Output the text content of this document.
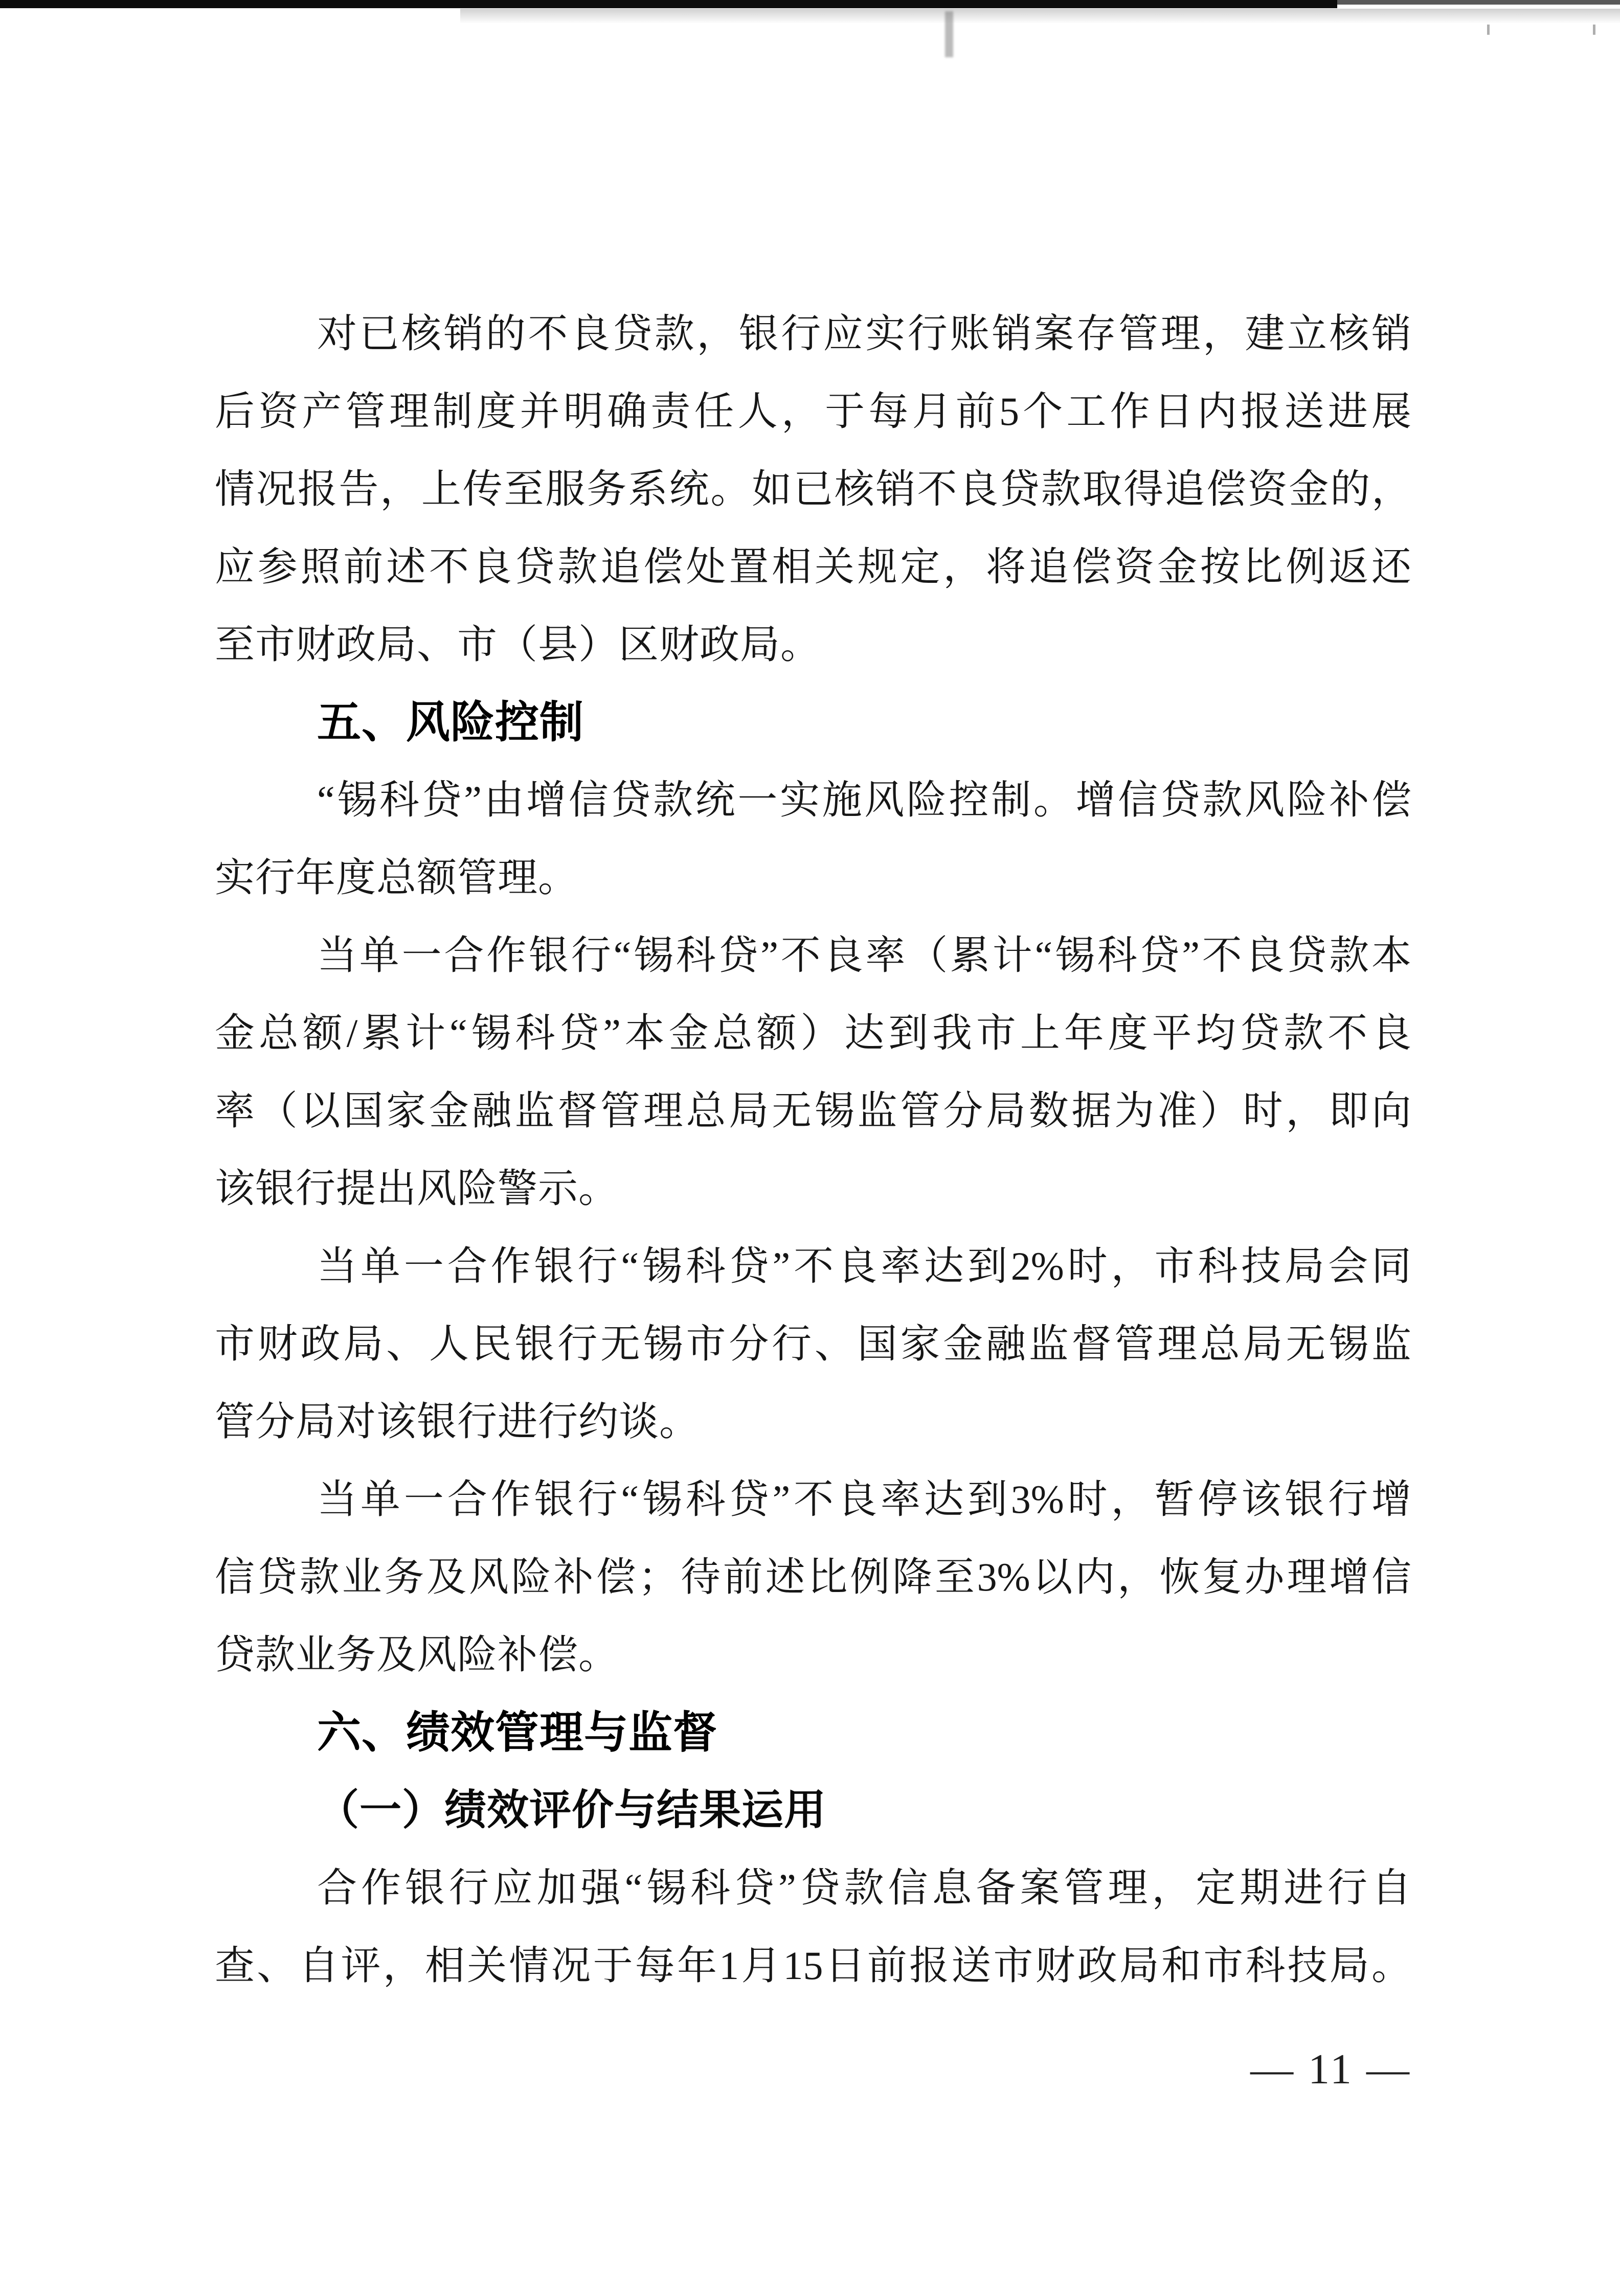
对已核销的不良贷款，银行应实行账销案存管理，建立核销
后资产管理制度并明确责任人，于每月前5个工作日内报送进展
情况报告，上传至服务系统。如已核销不良贷款取得追偿资金的，
应参照前述不良贷款追偿处置相关规定，将追偿资金按比例返还
至市财政局、市（县）区财政局。
五、风险控制
“锡科贷”由增信贷款统一实施风险控制。增信贷款风险补偿
实行年度总额管理。
当单一合作银行“锡科贷”不良率（累计“锡科贷”不良贷款本
金总额/累计“锡科贷”本金总额）达到我市上年度平均贷款不良
率（以国家金融监督管理总局无锡监管分局数据为准）时，即向
该银行提出风险警示。
当单一合作银行“锡科贷”不良率达到2%时，市科技局会同
市财政局、人民银行无锡市分行、国家金融监督管理总局无锡监
管分局对该银行进行约谈。
当单一合作银行“锡科贷”不良率达到3%时，暂停该银行增
信贷款业务及风险补偿；待前述比例降至3%以内，恢复办理增信
贷款业务及风险补偿。
六、绩效管理与监督
（一）绩效评价与结果运用
合作银行应加强“锡科贷”贷款信息备案管理，定期进行自
查、自评，相关情况于每年1月15日前报送市财政局和市科技局。
— 11 —
